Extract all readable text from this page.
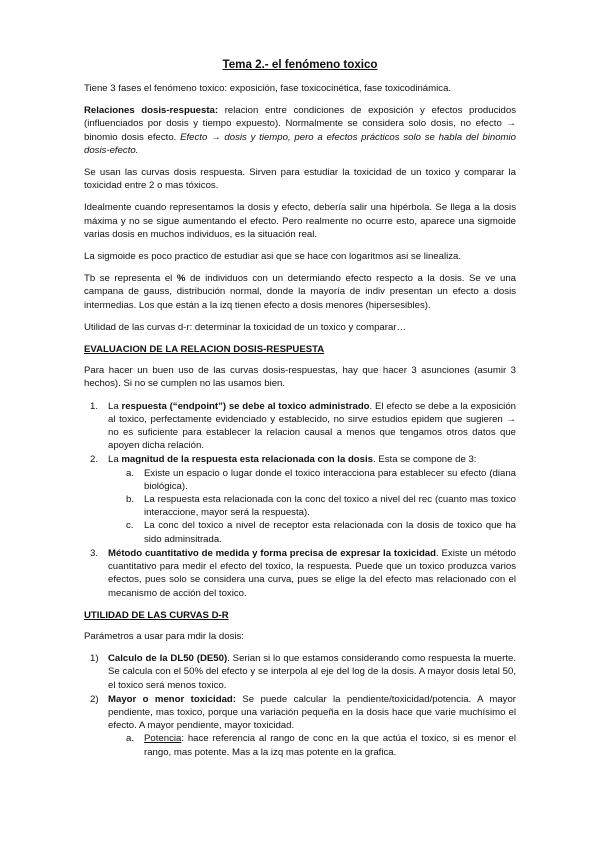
Tema 2.- el fenómeno toxico

Tiene 3 fases el fenómeno toxico: exposición, fase toxicocinética, fase toxicodinámica.

Relaciones dosis-respuesta: relacion entre condiciones de exposición y efectos producidos (influenciados por dosis y tiempo expuesto). Normalmente se considera solo dosis, no efecto → binomio dosis efecto. Efecto → dosis y tiempo, pero a efectos prácticos solo se habla del binomio dosis-efecto.

Se usan las curvas dosis respuesta. Sirven para estudiar la toxicidad de un toxico y comparar la toxicidad entre 2 o mas tóxicos.

Idealmente cuando representamos la dosis y efecto, debería salir una hipérbola. Se llega a la dosis máxima y no se sigue aumentando el efecto. Pero realmente no ocurre esto, aparece una sigmoide varias dosis en muchos individuos, es la situación real.

La sigmoide es poco practico de estudiar asi que se hace con logaritmos asi se linealiza.

Tb se representa el % de individuos con un determiando efecto respecto a la dosis. Se ve una campana de gauss, distribución normal, donde la mayoría de indiv presentan un efecto a dosis intermedias. Los que están a la izq tienen efecto a dosis menores (hipersesibles).

Utilidad de las curvas d-r: determinar la toxicidad de un toxico y comparar…

EVALUACION DE LA RELACION DOSIS-RESPUESTA

Para hacer un buen uso de las curvas dosis-respuestas, hay que hacer 3 asunciones (asumir 3 hechos). Si no se cumplen no las usamos bien.

1. La respuesta (“endpoint”) se debe al toxico administrado. El efecto se debe a la exposición al toxico, perfectamente evidenciado y establecido, no sirve estudios epidem que sugieren → no es suficiente para establecer la relacion causal a menos que tengamos otros datos que apoyen dicha relación.
2. La magnitud de la respuesta esta relacionada con la dosis. Esta se compone de 3:
a. Existe un espacio o lugar donde el toxico interacciona para establecer su efecto (diana biológica).
b. La respuesta esta relacionada con la conc del toxico a nivel del rec (cuanto mas toxico interaccione, mayor será la respuesta).
c. La conc del toxico a nivel de receptor esta relacionada con la dosis de toxico que ha sido adminsitrada.
3. Método cuantitativo de medida y forma precisa de expresar la toxicidad. Existe un método cuantitativo para medir el efecto del toxico, la respuesta. Puede que un toxico produzca varios efectos, pues solo se considera una curva, pues se elige la del efecto mas relacionado con el mecanismo de acción del toxico.
UTILIDAD DE LAS CURVAS D-R

Parámetros a usar para mdir la dosis:

1) Calculo de la DL50 (DE50). Serian si lo que estamos considerando como respuesta la muerte. Se calcula con el 50% del efecto y se interpola al eje del log de la dosis. A mayor dosis letal 50, el toxico será menos toxico.
2) Mayor o menor toxicidad: Se puede calcular la pendiente/toxicidad/potencia. A mayor pendiente, mas toxico, porque una variación pequeña en la dosis hace que varie muchísimo el efecto. A mayor pendiente, mayor toxicidad.
a. Potencia: hace referencia al rango de conc en la que actúa el toxico, si es menor el rango, mas potente. Mas a la izq mas potente en la grafica.
